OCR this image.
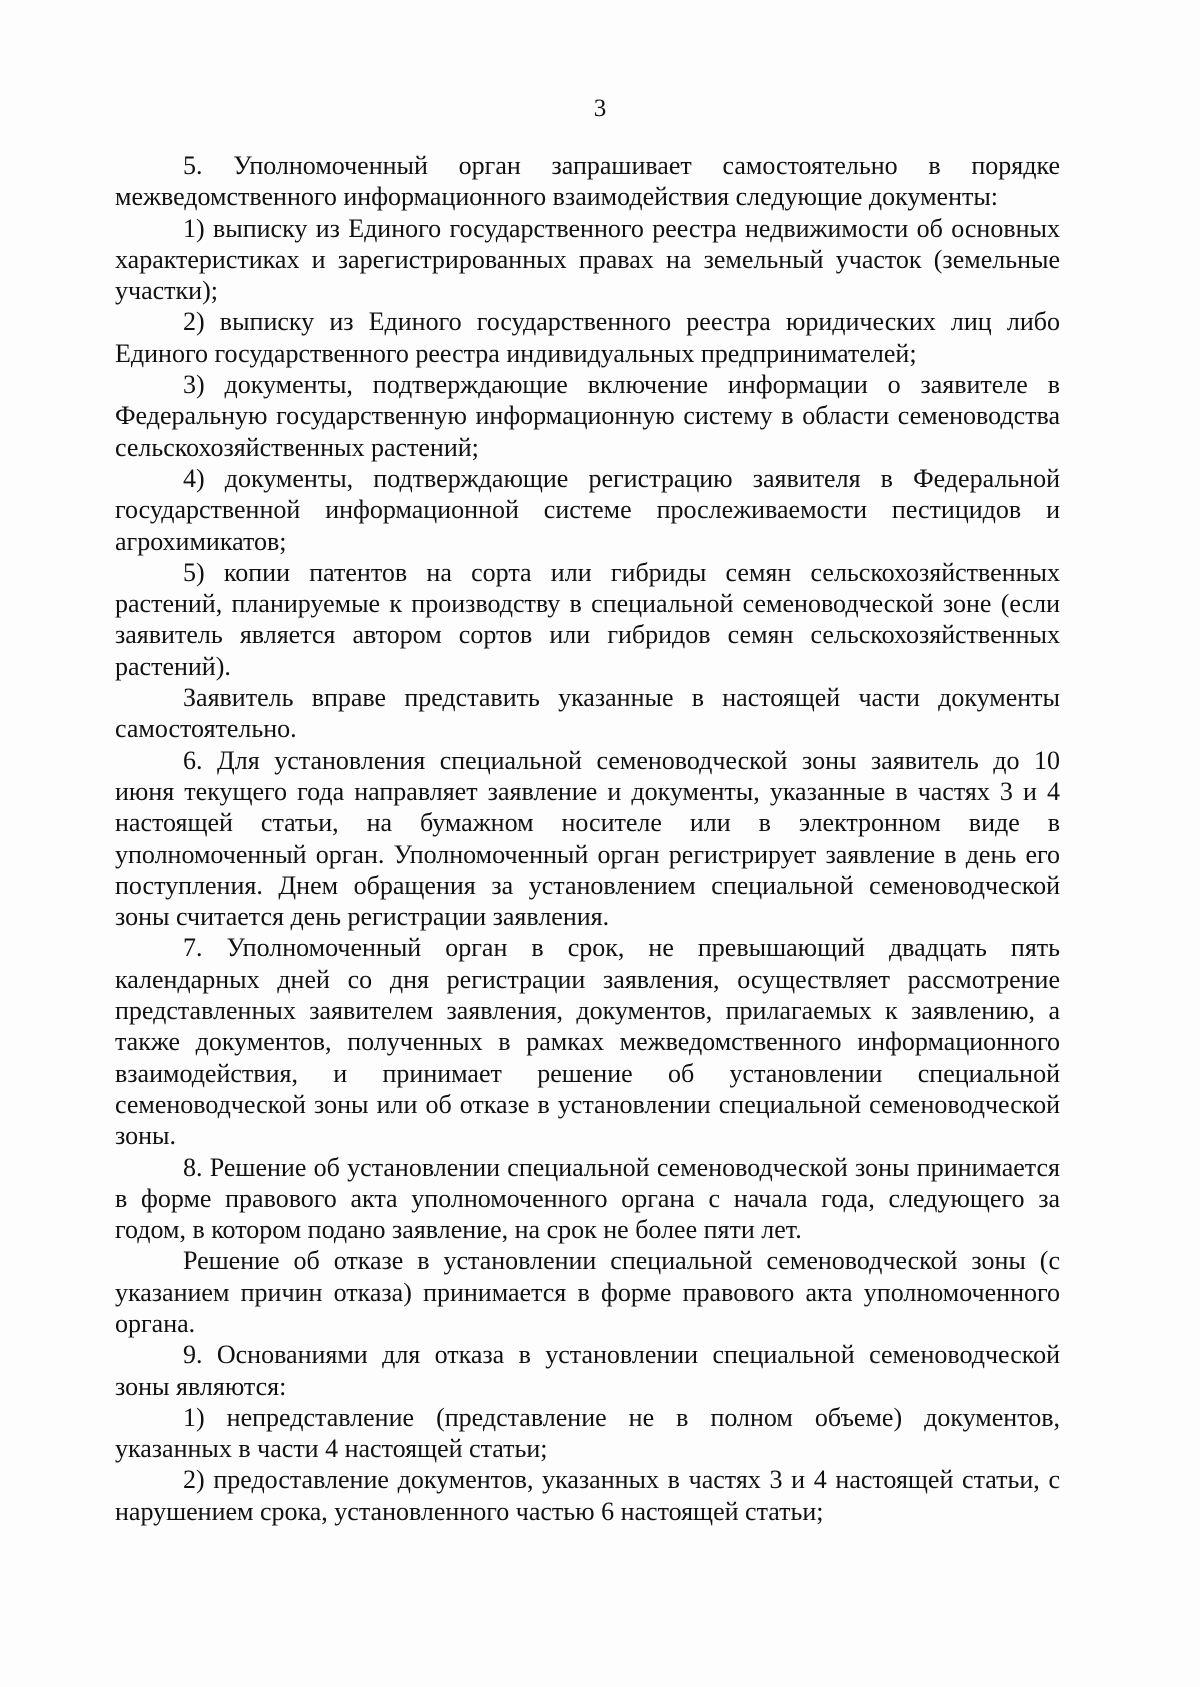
3

5. Уполномоченный орган запрашивает самостоятельно в порядке межведомственного информационного взаимодействия следующие документы:

1) выписку из Единого государственного реестра недвижимости об основных характеристиках и зарегистрированных правах на земельный участок (земельные участки);

2) выписку из Единого государственного реестра юридических лиц либо Единого государственного реестра индивидуальных предпринимателей;

3) документы, подтверждающие включение информации о заявителе в Федеральную государственную информационную систему в области семеноводства сельскохозяйственных растений;

4) документы, подтверждающие регистрацию заявителя в Федеральной государственной информационной системе прослеживаемости пестицидов и агрохимикатов;

5) копии патентов на сорта или гибриды семян сельскохозяйственных растений, планируемые к производству в специальной семеноводческой зоне (если заявитель является автором сортов или гибридов семян сельскохозяйственных растений).

Заявитель вправе представить указанные в настоящей части документы самостоятельно.

6. Для установления специальной семеноводческой зоны заявитель до 10 июня текущего года направляет заявление и документы, указанные в частях 3 и 4 настоящей статьи, на бумажном носителе или в электронном виде в уполномоченный орган. Уполномоченный орган регистрирует заявление в день его поступления. Днем обращения за установлением специальной семеноводческой зоны считается день регистрации заявления.

7. Уполномоченный орган в срок, не превышающий двадцать пять календарных дней со дня регистрации заявления, осуществляет рассмотрение представленных заявителем заявления, документов, прилагаемых к заявлению, а также документов, полученных в рамках межведомственного информационного взаимодействия, и принимает решение об установлении специальной семеноводческой зоны или об отказе в установлении специальной семеноводческой зоны.

8. Решение об установлении специальной семеноводческой зоны принимается в форме правового акта уполномоченного органа с начала года, следующего за годом, в котором подано заявление, на срок не более пяти лет.

Решение об отказе в установлении специальной семеноводческой зоны (с указанием причин отказа) принимается в форме правового акта уполномоченного органа.

9. Основаниями для отказа в установлении специальной семеноводческой зоны являются:

1) непредставление (представление не в полном объеме) документов, указанных в части 4 настоящей статьи;

2) предоставление документов, указанных в частях 3 и 4 настоящей статьи, с нарушением срока, установленного частью 6 настоящей статьи;
